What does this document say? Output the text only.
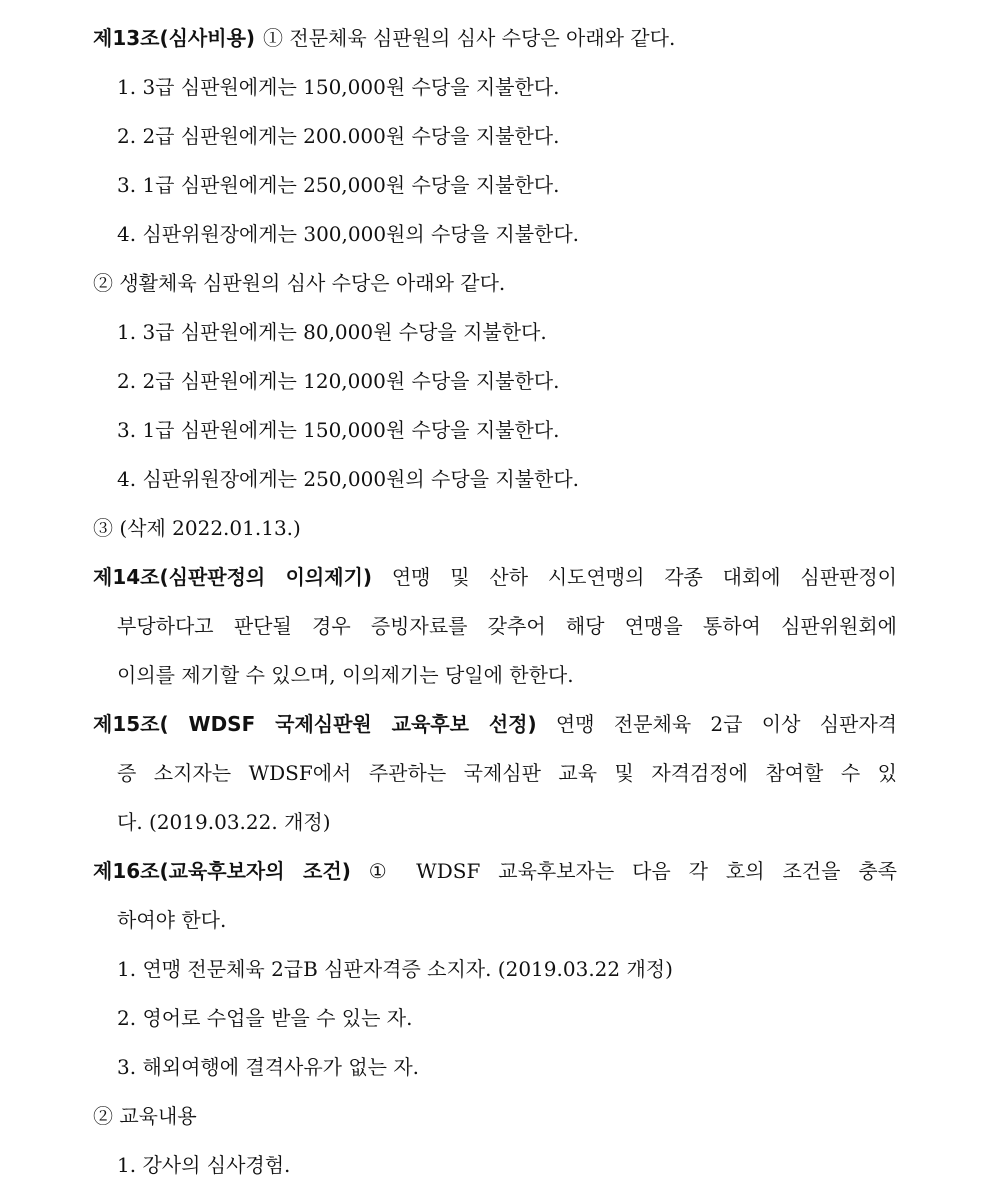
제13조(심사비용) ① 전문체육 심판원의 심사 수당은 아래와 같다.
1. 3급 심판원에게는 150,000원 수당을 지불한다.
2. 2급 심판원에게는 200.000원 수당을 지불한다.
3. 1급 심판원에게는 250,000원 수당을 지불한다.
4. 심판위원장에게는 300,000원의 수당을 지불한다.
② 생활체육 심판원의 심사 수당은 아래와 같다.
1. 3급 심판원에게는 80,000원 수당을 지불한다.
2. 2급 심판원에게는 120,000원 수당을 지불한다.
3. 1급 심판원에게는 150,000원 수당을 지불한다.
4. 심판위원장에게는 250,000원의 수당을 지불한다.
③ (삭제 2022.01.13.)
제14조(심판판정의 이의제기) 연맹 및 산하 시도연맹의 각종 대회에 심판판정이
부당하다고 판단될 경우 증빙자료를 갖추어 해당 연맹을 통하여 심판위원회에
이의를 제기할 수 있으며, 이의제기는 당일에 한한다.
제15조( WDSF 국제심판원 교육후보 선정) 연맹 전문체육 2급 이상 심판자격
증 소지자는 WDSF에서 주관하는 국제심판 교육 및 자격검정에 참여할 수 있
다. (2019.03.22. 개정)
제16조(교육후보자의 조건) ① WDSF 교육후보자는 다음 각 호의 조건을 충족
하여야 한다.
1. 연맹 전문체육 2급B 심판자격증 소지자. (2019.03.22 개정)
2. 영어로 수업을 받을 수 있는 자.
3. 해외여행에 결격사유가 없는 자.
② 교육내용
1. 강사의 심사경험.
